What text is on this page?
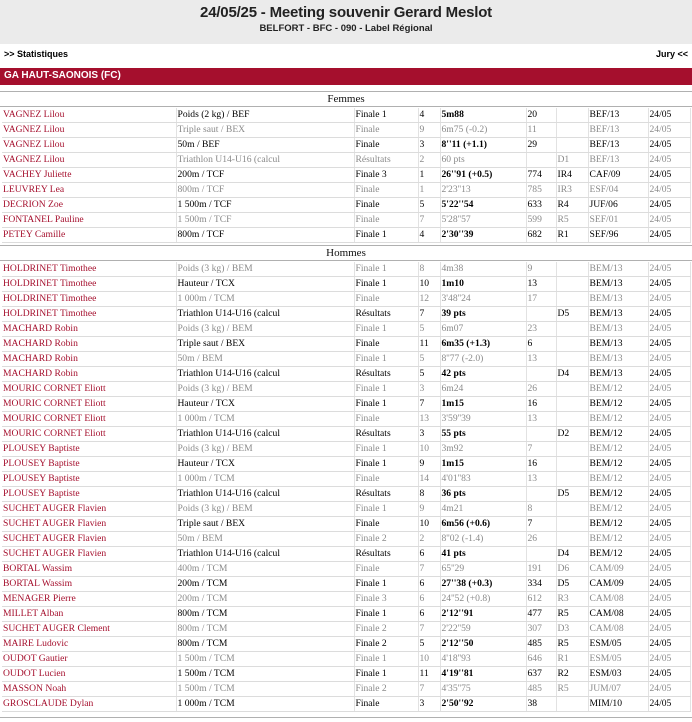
24/05/25 - Meeting souvenir Gerard Meslot
BELFORT - BFC - 090 - Label Régional
>> Statistiques	Jury <<
GA HAUT-SAONOIS (FC)
Femmes
VAGNEZ Lilou	Poids (2 kg) / BEF	Finale 1	4	5m88	20		BEF/13	24/05
VAGNEZ Lilou	Triple saut / BEX	Finale	9	6m75 (-0.2)	11		BEF/13	24/05
VAGNEZ Lilou	50m / BEF	Finale	3	8''11 (+1.1)	29		BEF/13	24/05
VAGNEZ Lilou	Triathlon U14-U16 (calcul	Résultats	2	60 pts		D1	BEF/13	24/05
VACHEY Juliette	200m / TCF	Finale 3	1	26''91 (+0.5)	774	IR4	CAF/09	24/05
LEUVREY Lea	800m / TCF	Finale	1	2'23''13	785	IR3	ESF/04	24/05
DECRION Zoe	1 500m / TCF	Finale	5	5'22''54	633	R4	JUF/06	24/05
FONTANEL Pauline	1 500m / TCF	Finale	7	5'28''57	599	R5	SEF/01	24/05
PETEY Camille	800m / TCF	Finale 1	4	2'30''39	682	R1	SEF/96	24/05
Hommes
HOLDRINET Timothee	Poids (3 kg) / BEM	Finale 1	8	4m38	9		BEM/13	24/05
HOLDRINET Timothee	Hauteur / TCX	Finale 1	10	1m10	13		BEM/13	24/05
HOLDRINET Timothee	1 000m / TCM	Finale	12	3'48''24	17		BEM/13	24/05
HOLDRINET Timothee	Triathlon U14-U16 (calcul	Résultats	7	39 pts		D5	BEM/13	24/05
MACHARD Robin	Poids (3 kg) / BEM	Finale 1	5	6m07	23		BEM/13	24/05
MACHARD Robin	Triple saut / BEX	Finale	11	6m35 (+1.3)	6		BEM/13	24/05
MACHARD Robin	50m / BEM	Finale 1	5	8''77 (-2.0)	13		BEM/13	24/05
MACHARD Robin	Triathlon U14-U16 (calcul	Résultats	5	42 pts		D4	BEM/13	24/05
MOURIC CORNET Eliott	Poids (3 kg) / BEM	Finale 1	3	6m24	26		BEM/12	24/05
MOURIC CORNET Eliott	Hauteur / TCX	Finale 1	7	1m15	16		BEM/12	24/05
MOURIC CORNET Eliott	1 000m / TCM	Finale	13	3'59''39	13		BEM/12	24/05
MOURIC CORNET Eliott	Triathlon U14-U16 (calcul	Résultats	3	55 pts		D2	BEM/12	24/05
PLOUSEY Baptiste	Poids (3 kg) / BEM	Finale 1	10	3m92	7		BEM/12	24/05
PLOUSEY Baptiste	Hauteur / TCX	Finale 1	9	1m15	16		BEM/12	24/05
PLOUSEY Baptiste	1 000m / TCM	Finale	14	4'01''83	13		BEM/12	24/05
PLOUSEY Baptiste	Triathlon U14-U16 (calcul	Résultats	8	36 pts		D5	BEM/12	24/05
SUCHET AUGER Flavien	Poids (3 kg) / BEM	Finale 1	9	4m21	8		BEM/12	24/05
SUCHET AUGER Flavien	Triple saut / BEX	Finale	10	6m56 (+0.6)	7		BEM/12	24/05
SUCHET AUGER Flavien	50m / BEM	Finale 2	2	8''02 (-1.4)	26		BEM/12	24/05
SUCHET AUGER Flavien	Triathlon U14-U16 (calcul	Résultats	6	41 pts		D4	BEM/12	24/05
BORTAL Wassim	400m / TCM	Finale	7	65''29	191	D6	CAM/09	24/05
BORTAL Wassim	200m / TCM	Finale 1	6	27''38 (+0.3)	334	D5	CAM/09	24/05
MENAGER Pierre	200m / TCM	Finale 3	6	24''52 (+0.8)	612	R3	CAM/08	24/05
MILLET Alban	800m / TCM	Finale 1	6	2'12''91	477	R5	CAM/08	24/05
SUCHET AUGER Clement	800m / TCM	Finale 2	7	2'22''59	307	D3	CAM/08	24/05
MAIRE Ludovic	800m / TCM	Finale 2	5	2'12''50	485	R5	ESM/05	24/05
OUDOT Gautier	1 500m / TCM	Finale 1	10	4'18''93	646	R1	ESM/05	24/05
OUDOT Lucien	1 500m / TCM	Finale 1	11	4'19''81	637	R2	ESM/03	24/05
MASSON Noah	1 500m / TCM	Finale 2	7	4'35''75	485	R5	JUM/07	24/05
GROSCLAUDE Dylan	1 000m / TCM	Finale	3	2'50''92	38		MIM/10	24/05
